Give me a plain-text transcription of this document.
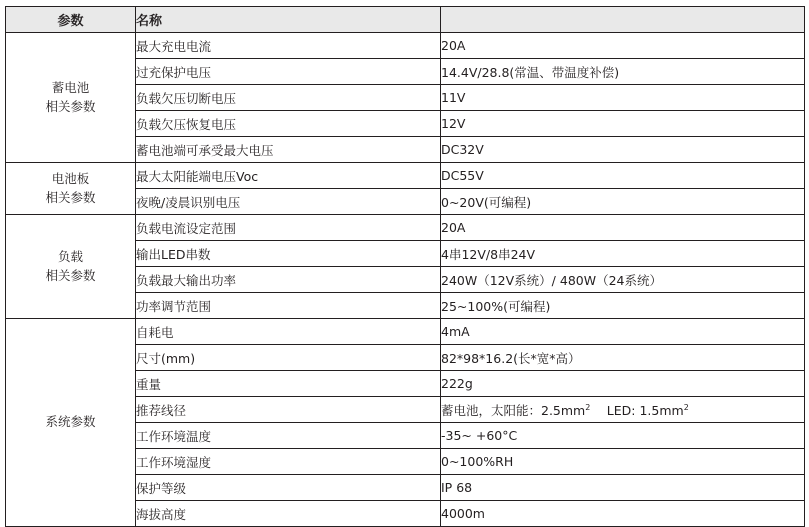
参数	名称	

蓄电池
相关参数	最大充电电流	20A
	过充保护电压	14.4V/28.8(常温、带温度补偿)
	负载欠压切断电压	11V
	负载欠压恢复电压	12V
	蓄电池端可承受最大电压	DC32V

电池板
相关参数	最大太阳能端电压Voc	DC55V
	夜晚/凌晨识别电压	0~20V(可编程)

负载
相关参数	负载电流设定范围	20A
	输出LED串数	4串12V/8串24V
	负载最大输出功率	240W（12V系统）/ 480W（24系统）
	功率调节范围	25~100%(可编程)

系统参数	自耗电	4mA
	尺寸(mm)	82*98*16.2(长*宽*高）
	重量	222g
	推荐线径	蓄电池，太阳能：$2.5mm^2$ 　LED: $1.5mm^2$
	工作环境温度	-35~ +60°C
	工作环境湿度	0~100%RH
	保护等级	IP 68
	海拔高度	4000m
